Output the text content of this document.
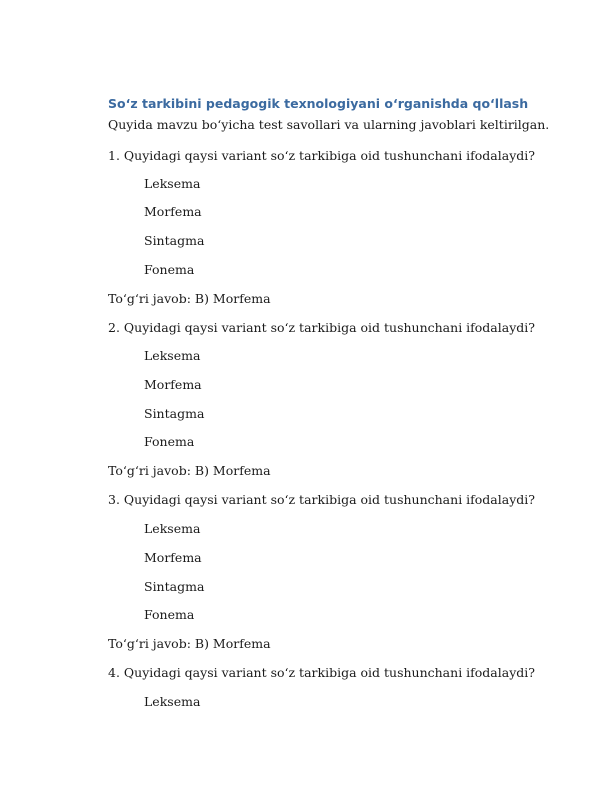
So‘z tarkibini pedagogik texnologiyani o‘rganishda qo‘llash
Quyida mavzu bo‘yicha test savollari va ularning javoblari keltirilgan.
1. Quyidagi qaysi variant so‘z tarkibiga oid tushunchani ifodalaydi?
Leksema
Morfema
Sintagma
Fonema
To‘g‘ri javob: B) Morfema
2. Quyidagi qaysi variant so‘z tarkibiga oid tushunchani ifodalaydi?
Leksema
Morfema
Sintagma
Fonema
To‘g‘ri javob: B) Morfema
3. Quyidagi qaysi variant so‘z tarkibiga oid tushunchani ifodalaydi?
Leksema
Morfema
Sintagma
Fonema
To‘g‘ri javob: B) Morfema
4. Quyidagi qaysi variant so‘z tarkibiga oid tushunchani ifodalaydi?
Leksema
